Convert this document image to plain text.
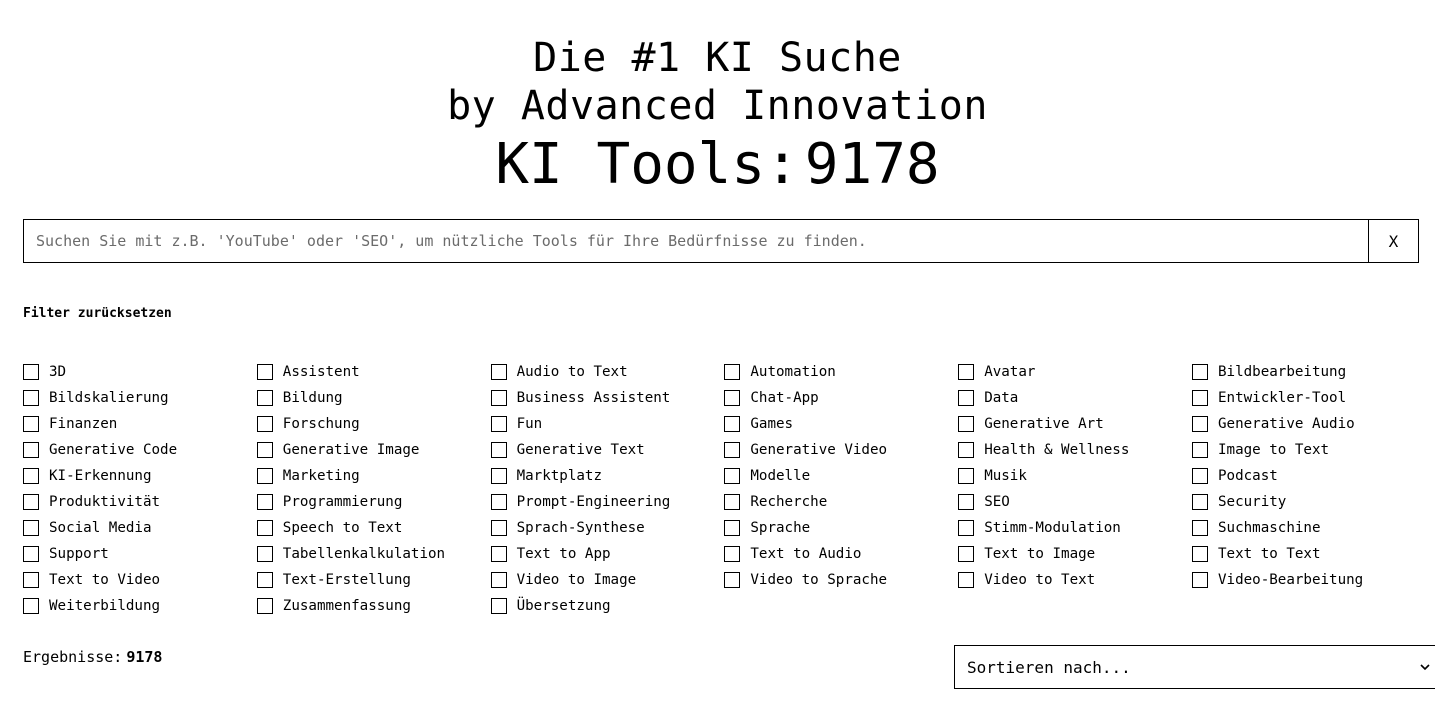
Die #1 KI Suche
by Advanced Innovation
KI Tools: 9178
Suchen Sie mit z.B. 'YouTube' oder 'SEO', um nützliche Tools für Ihre Bedürfnisse zu finden.
X
Filter zurücksetzen
3D	Assistent	Audio to Text	Automation	Avatar	Bildbearbeitung
Bildskalierung	Bildung	Business Assistent	Chat-App	Data	Entwickler-Tool
Finanzen	Forschung	Fun	Games	Generative Art	Generative Audio
Generative Code	Generative Image	Generative Text	Generative Video	Health & Wellness	Image to Text
KI-Erkennung	Marketing	Marktplatz	Modelle	Musik	Podcast
Produktivität	Programmierung	Prompt-Engineering	Recherche	SEO	Security
Social Media	Speech to Text	Sprach-Synthese	Sprache	Stimm-Modulation	Suchmaschine
Support	Tabellenkalkulation	Text to App	Text to Audio	Text to Image	Text to Text
Text to Video	Text-Erstellung	Video to Image	Video to Sprache	Video to Text	Video-Bearbeitung
Weiterbildung	Zusammenfassung	Übersetzung
Ergebnisse: 9178
Sortieren nach...
